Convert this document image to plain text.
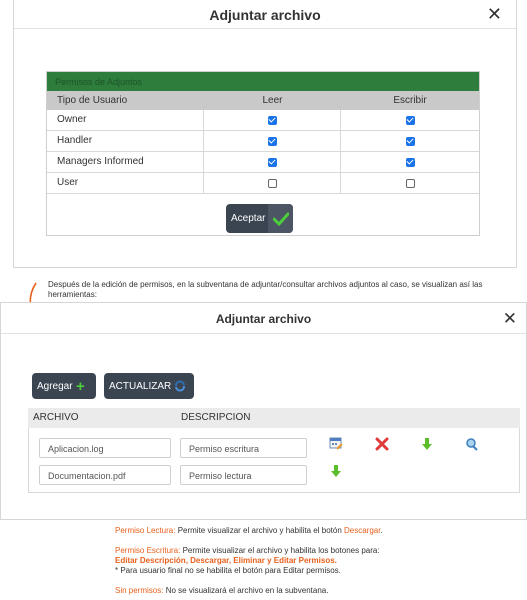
Adjuntar archivo	✕
Permisos de Adjuntos
Tipo de Usuario	Leer	Escribir
Owner
Handler
Managers Informed
User
Aceptar
Después de la edición de permisos, en la subventana de adjuntar/consultar archivos adjuntos al caso, se visualizan así las herramientas:
Adjuntar archivo	✕
Agregar +	ACTUALIZAR
ARCHIVO	DESCRIPCION
Aplicacion.log	Permiso escritura
Documentacion.pdf	Permiso lectura

Permiso Lectura: Permite visualizar el archivo y habilita el botón Descargar.

Permiso Escritura: Permite visualizar el archivo y habilita los botones para:
Editar Descripción, Descargar, Eliminar y Editar Permisos.
* Para usuario final no se habilita el botón para Editar permisos.

Sin permisos: No se visualizará el archivo en la subventana.
